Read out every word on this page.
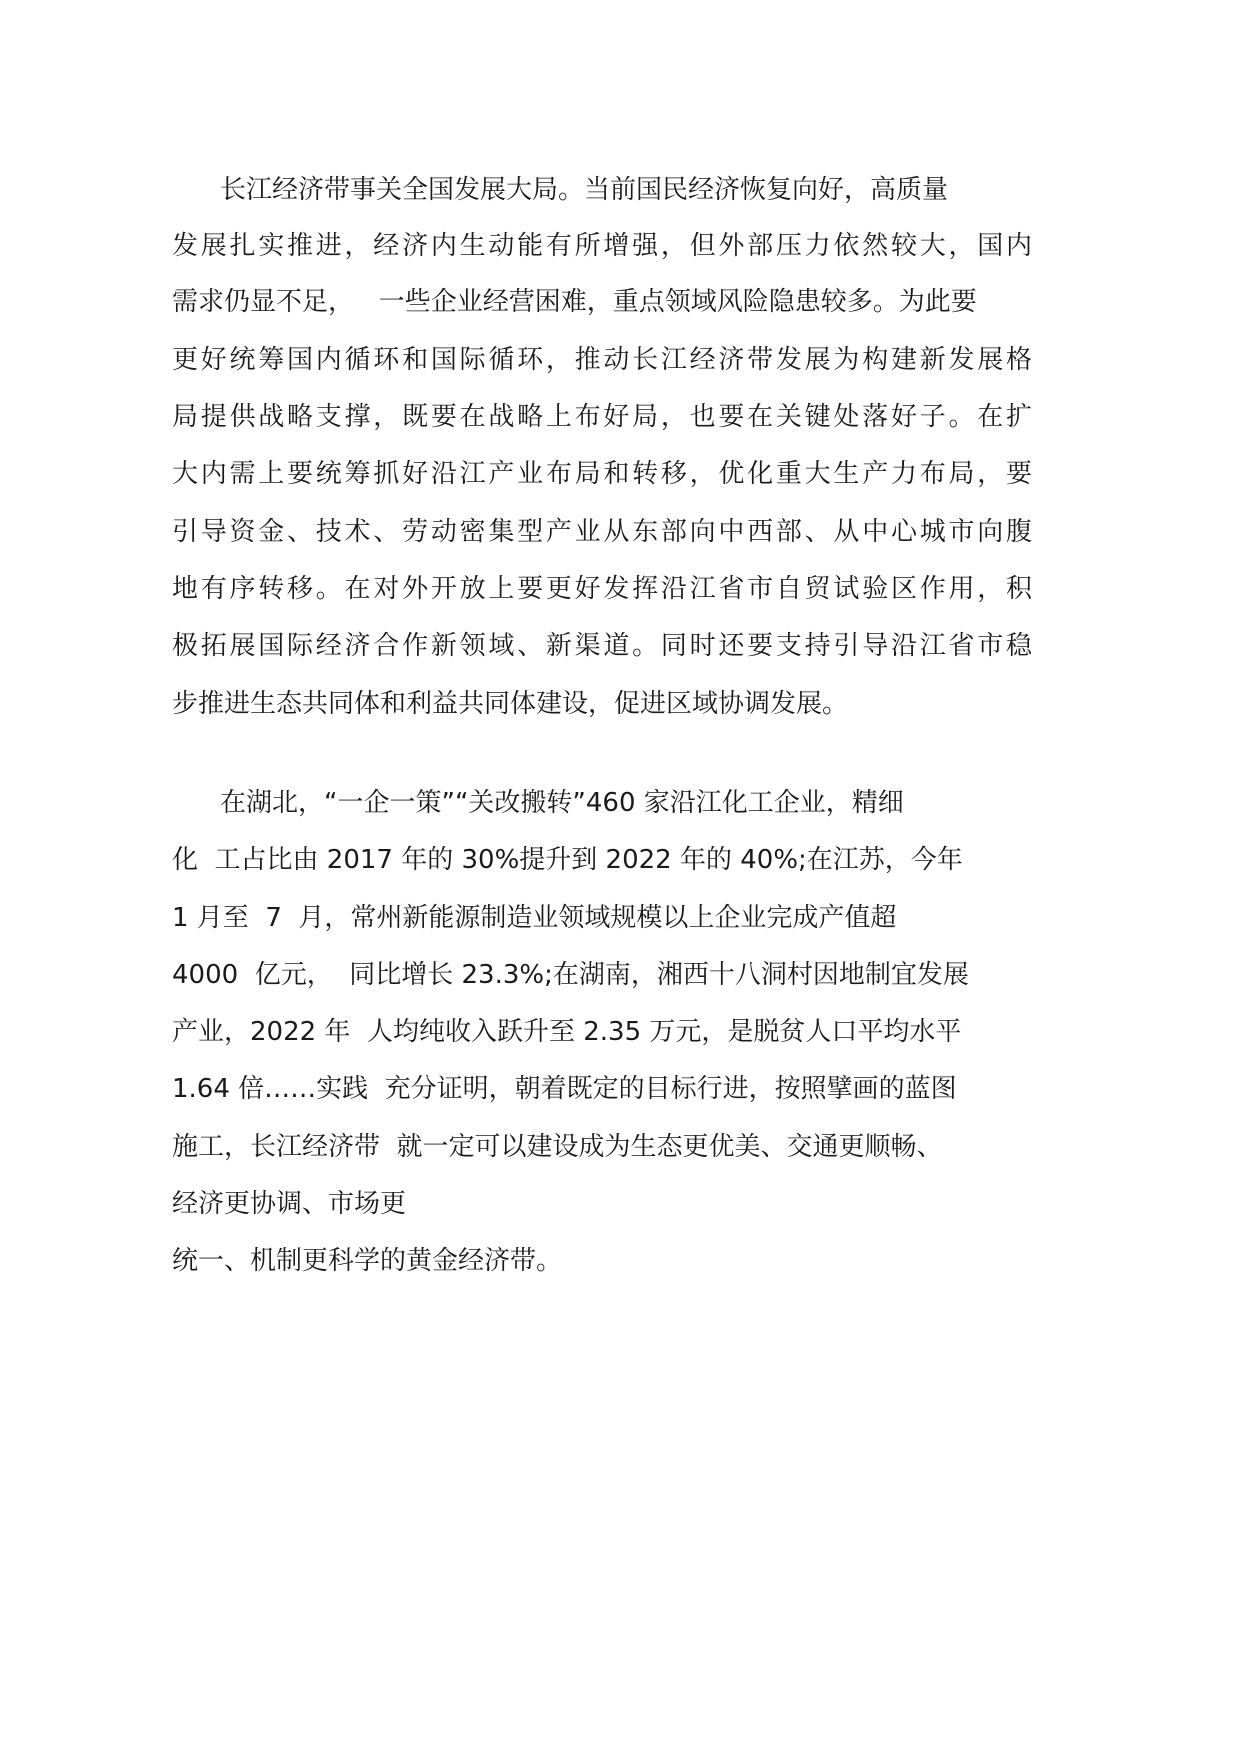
长江经济带事关全国发展大局。当前国民经济恢复向好，高质量
发展扎实推进，经济内生动能有所增强，但外部压力依然较大，国内
需求仍显不足，   一些企业经营困难，重点领域风险隐患较多。为此要
更好统筹国内循环和国际循环，推动长江经济带发展为构建新发展格
局提供战略支撑，既要在战略上布好局，也要在关键处落好子。在扩
大内需上要统筹抓好沿江产业布局和转移，优化重大生产力布局，要
引导资金、技术、劳动密集型产业从东部向中西部、从中心城市向腹
地有序转移。在对外开放上要更好发挥沿江省市自贸试验区作用，积
极拓展国际经济合作新领域、新渠道。同时还要支持引导沿江省市稳
步推进生态共同体和利益共同体建设，促进区域协调发展。
在湖北，“一企一策”“关改搬转”460 家沿江化工企业，精细
化  工占比由 2017 年的 30%提升到 2022 年的 40%;在江苏，今年
1 月至  7  月，常州新能源制造业领域规模以上企业完成产值超
4000  亿元，  同比增长 23.3%;在湖南，湘西十八洞村因地制宜发展
产业，2022 年  人均纯收入跃升至 2.35 万元，是脱贫人口平均水平
1.64 倍……实践  充分证明，朝着既定的目标行进，按照擘画的蓝图
施工，长江经济带  就一定可以建设成为生态更优美、交通更顺畅、
经济更协调、市场更
统一、机制更科学的黄金经济带。
